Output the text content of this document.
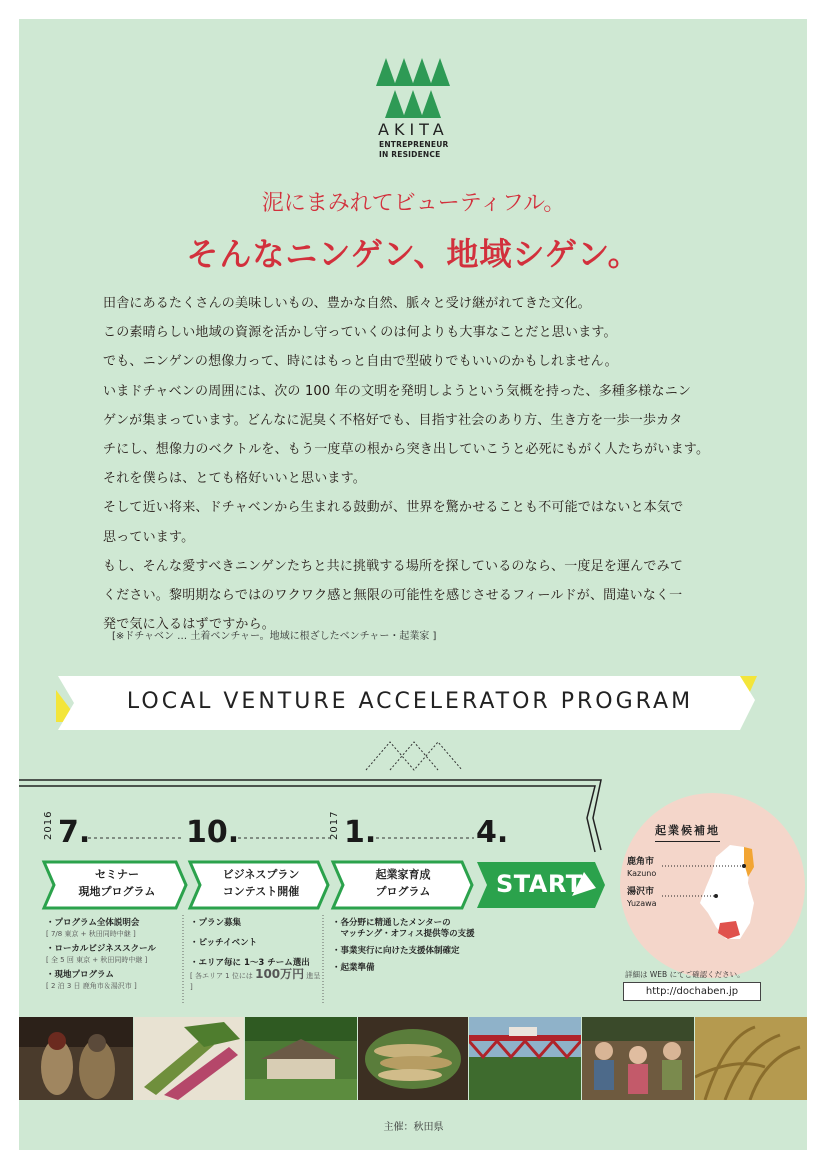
AKITA
ENTREPRENEUR
IN RESIDENCE
泥にまみれてビューティフル。
そんなニンゲン、地域シゲン。

田舎にあるたくさんの美味しいもの、豊かな自然、脈々と受け継がれてきた文化。

この素晴らしい地域の資源を活かし守っていくのは何よりも大事なことだと思います。

でも、ニンゲンの想像力って、時にはもっと自由で型破りでもいいのかもしれません。

いまドチャベンの周囲には、次の 100 年の文明を発明しようという気概を持った、多種多様なニン

ゲンが集まっています。どんなに泥臭く不格好でも、目指す社会のあり方、生き方を一歩一歩カタ

チにし、想像力のベクトルを、もう一度草の根から突き出していこうと必死にもがく人たちがいます。

それを僕らは、とても格好いいと思います。

そして近い将来、ドチャベンから生まれる鼓動が、世界を驚かせることも不可能ではないと本気で

思っています。

もし、そんな愛すべきニンゲンたちと共に挑戦する場所を探しているのなら、一度足を運んでみて

ください。黎明期ならではのワクワク感と無限の可能性を感じさせるフィールドが、間違いなく一

発で気に入るはずですから。

[※ドチャベン … 土着ベンチャー。地域に根ざしたベンチャー・起業家 ]
LOCAL VENTURE ACCELERATOR PROGRAM
2016 7.	10.	2017 1.	4.
セミナー
現地プログラム
ビジネスプラン
コンテスト開催
起業家育成
プログラム	START
・プログラム全体説明会
[ 7/8 東京 + 秋田同時中継 ]
・ローカルビジネススクール
[ 全 5 回 東京 + 秋田同時中継 ]
・現地プログラム
[ 2 泊 3 日 鹿角市＆湯沢市 ]
・プラン募集
・ピッチイベント
・エリア毎に 1～3 チーム選出
[ 各エリア 1 位には 100万円 進呈 ]
・各分野に精通したメンターの
　マッチング・オフィス提供等の支援
・事業実行に向けた支援体制確定
・起業準備
起業候補地
鹿角市
Kazuno
湯沢市
Yuzawa
詳細は WEB にてご確認ください。
http://dochaben.jp
主催：秋田県
